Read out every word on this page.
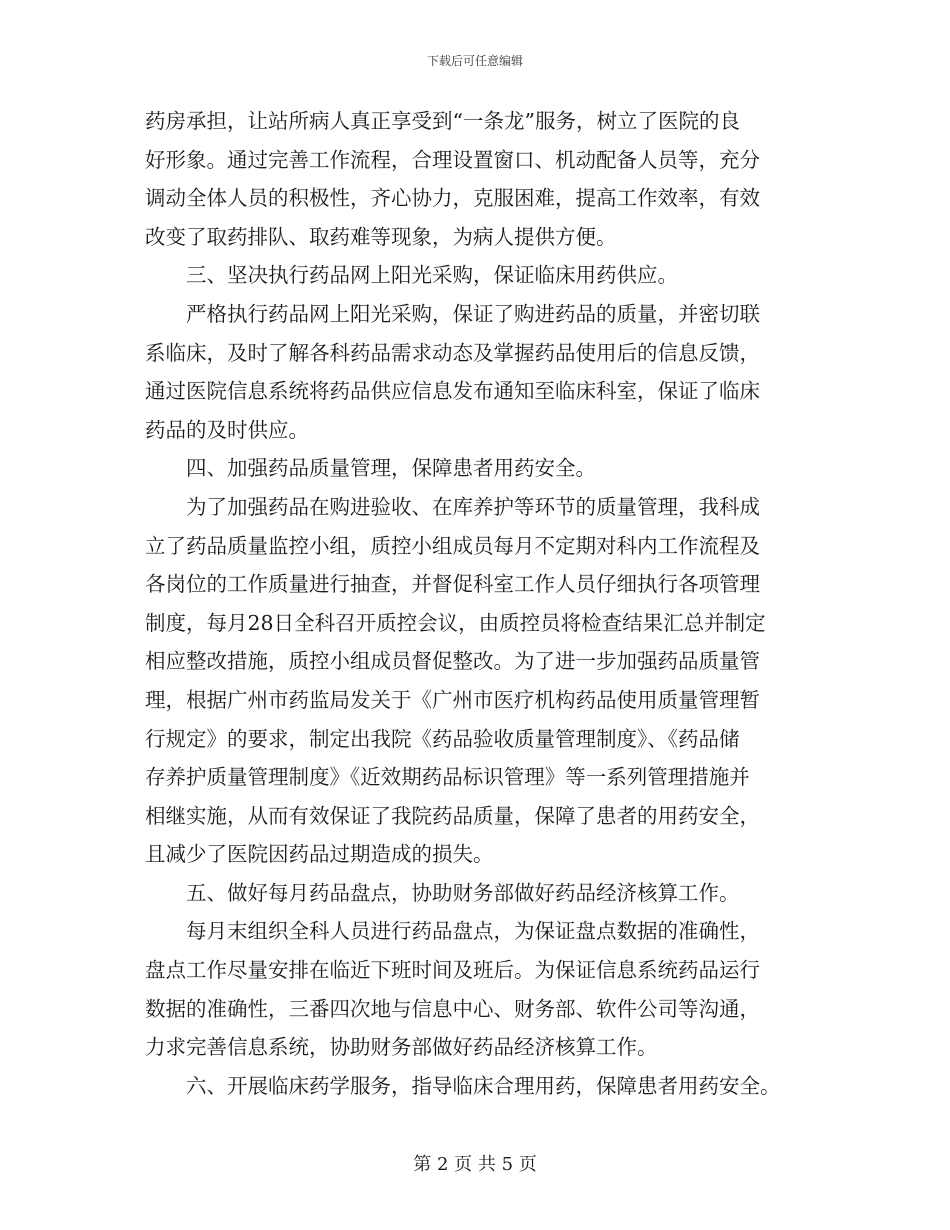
下载后可任意编辑
药房承担，让站所病人真正享受到“一条龙”服务，树立了医院的良
好形象。通过完善工作流程，合理设置窗口、机动配备人员等，充分
调动全体人员的积极性，齐心协力，克服困难，提高工作效率，有效
改变了取药排队、取药难等现象，为病人提供方便。
　　三、坚决执行药品网上阳光采购，保证临床用药供应。
　　严格执行药品网上阳光采购，保证了购进药品的质量，并密切联
系临床，及时了解各科药品需求动态及掌握药品使用后的信息反馈，
通过医院信息系统将药品供应信息发布通知至临床科室，保证了临床
药品的及时供应。
　　四、加强药品质量管理，保障患者用药安全。
　　为了加强药品在购进验收、在库养护等环节的质量管理，我科成
立了药品质量监控小组，质控小组成员每月不定期对科内工作流程及
各岗位的工作质量进行抽查，并督促科室工作人员仔细执行各项管理
制度，每月28日全科召开质控会议，由质控员将检查结果汇总并制定
相应整改措施，质控小组成员督促整改。为了进一步加强药品质量管
理，根据广州市药监局发关于《广州市医疗机构药品使用质量管理暂
行规定》的要求，制定出我院《药品验收质量管理制度》、《药品储
存养护质量管理制度》《近效期药品标识管理》等一系列管理措施并
相继实施，从而有效保证了我院药品质量，保障了患者的用药安全，
且减少了医院因药品过期造成的损失。
　　五、做好每月药品盘点，协助财务部做好药品经济核算工作。
　　每月末组织全科人员进行药品盘点，为保证盘点数据的准确性，
盘点工作尽量安排在临近下班时间及班后。为保证信息系统药品运行
数据的准确性，三番四次地与信息中心、财务部、软件公司等沟通，
力求完善信息系统，协助财务部做好药品经济核算工作。
　　六、开展临床药学服务，指导临床合理用药，保障患者用药安全。
第 2 页 共 5 页
